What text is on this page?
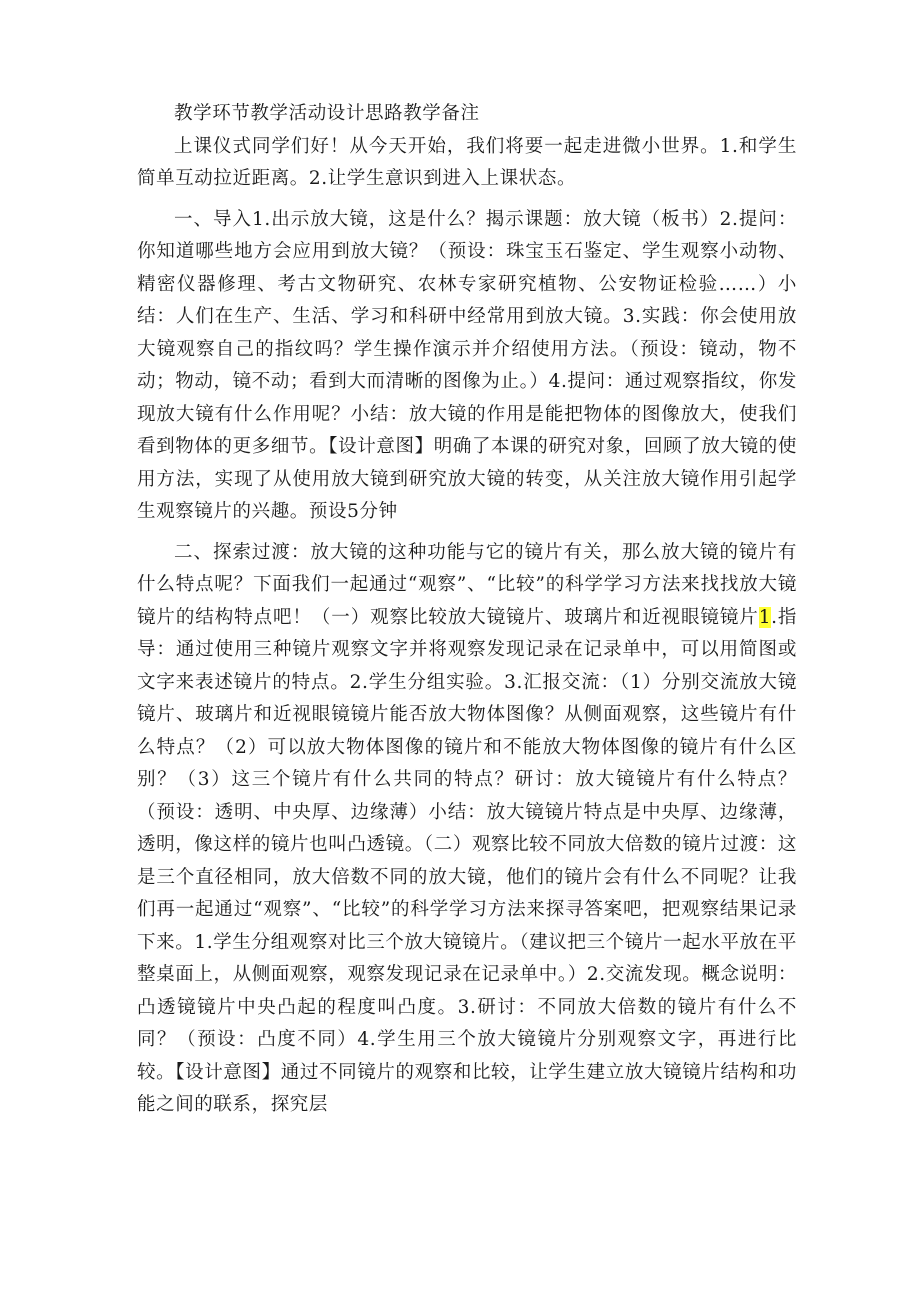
教学环节教学活动设计思路教学备注

上课仪式同学们好！从今天开始，我们将要一起走进微小世界。1.和学生简单互动拉近距离。2.让学生意识到进入上课状态。

一、导入1.出示放大镜，这是什么？揭示课题：放大镜（板书）2.提问：你知道哪些地方会应用到放大镜？（预设：珠宝玉石鉴定、学生观察小动物、精密仪器修理、考古文物研究、农林专家研究植物、公安物证检验……）小结：人们在生产、生活、学习和科研中经常用到放大镜。3.实践：你会使用放大镜观察自己的指纹吗？学生操作演示并介绍使用方法。（预设：镜动，物不动；物动，镜不动；看到大而清晰的图像为止。）4.提问：通过观察指纹，你发现放大镜有什么作用呢？小结：放大镜的作用是能把物体的图像放大，使我们看到物体的更多细节。【设计意图】明确了本课的研究对象，回顾了放大镜的使用方法，实现了从使用放大镜到研究放大镜的转变，从关注放大镜作用引起学生观察镜片的兴趣。预设5分钟

二、探索过渡：放大镜的这种功能与它的镜片有关，那么放大镜的镜片有什么特点呢？下面我们一起通过“观察”、“比较”的科学学习方法来找找放大镜镜片的结构特点吧！（一）观察比较放大镜镜片、玻璃片和近视眼镜镜片1.指导：通过使用三种镜片观察文字并将观察发现记录在记录单中，可以用简图或文字来表述镜片的特点。2.学生分组实验。3.汇报交流：（1）分别交流放大镜镜片、玻璃片和近视眼镜镜片能否放大物体图像？从侧面观察，这些镜片有什么特点？（2）可以放大物体图像的镜片和不能放大物体图像的镜片有什么区别？（3）这三个镜片有什么共同的特点？研讨：放大镜镜片有什么特点？（预设：透明、中央厚、边缘薄）小结：放大镜镜片特点是中央厚、边缘薄，透明，像这样的镜片也叫凸透镜。（二）观察比较不同放大倍数的镜片过渡：这是三个直径相同，放大倍数不同的放大镜，他们的镜片会有什么不同呢？让我们再一起通过“观察”、“比较”的科学学习方法来探寻答案吧，把观察结果记录下来。1.学生分组观察对比三个放大镜镜片。（建议把三个镜片一起水平放在平整桌面上，从侧面观察，观察发现记录在记录单中。）2.交流发现。概念说明：凸透镜镜片中央凸起的程度叫凸度。3.研讨：不同放大倍数的镜片有什么不同？（预设：凸度不同）4.学生用三个放大镜镜片分别观察文字，再进行比较。【设计意图】通过不同镜片的观察和比较，让学生建立放大镜镜片结构和功能之间的联系，探究层
